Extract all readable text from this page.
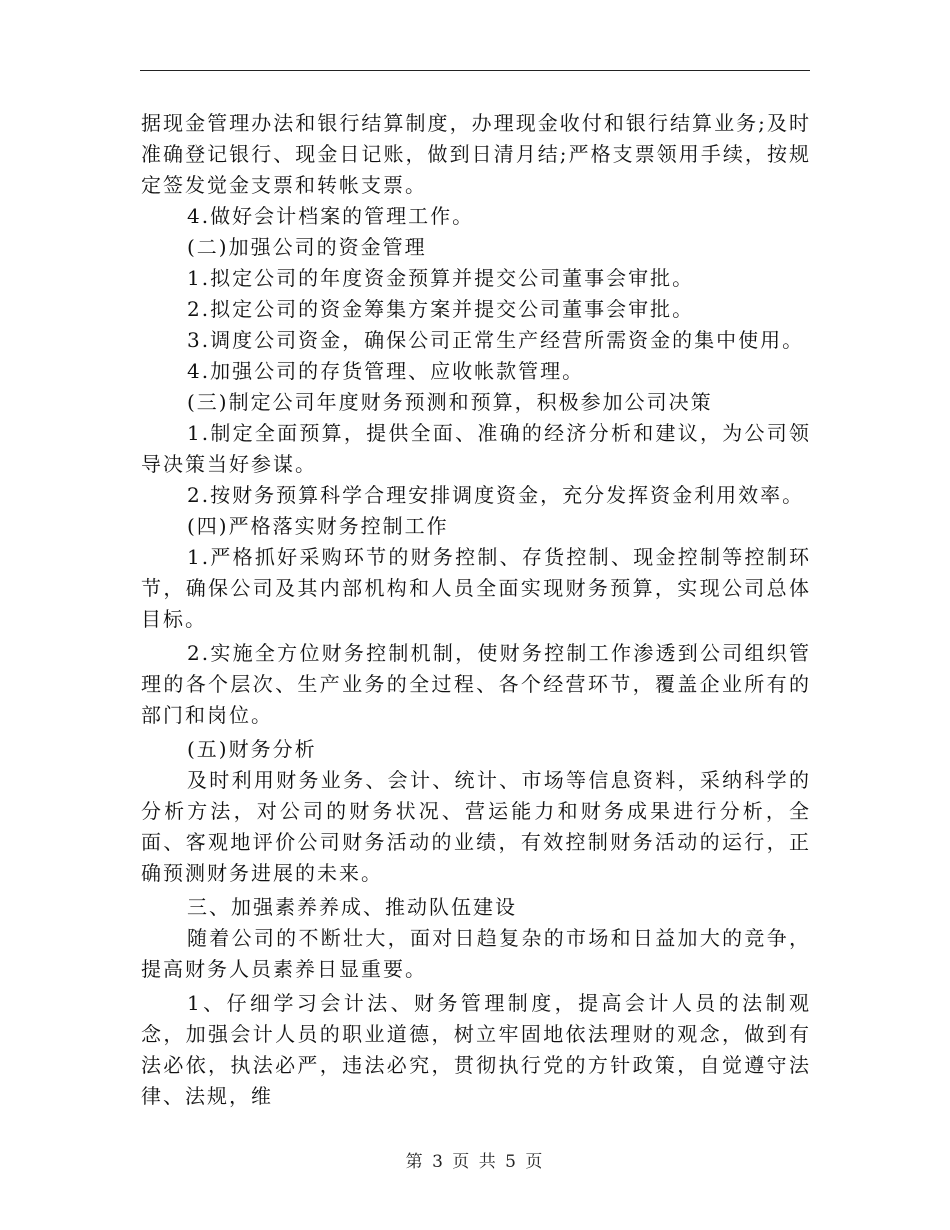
据现金管理办法和银行结算制度，办理现金收付和银行结算业务;及时准确登记银行、现金日记账，做到日清月结;严格支票领用手续，按规定签发觉金支票和转帐支票。

4.做好会计档案的管理工作。

(二)加强公司的资金管理

1.拟定公司的年度资金预算并提交公司董事会审批。

2.拟定公司的资金筹集方案并提交公司董事会审批。

3.调度公司资金，确保公司正常生产经营所需资金的集中使用。

4.加强公司的存货管理、应收帐款管理。

(三)制定公司年度财务预测和预算，积极参加公司决策

1.制定全面预算，提供全面、准确的经济分析和建议，为公司领导决策当好参谋。

2.按财务预算科学合理安排调度资金，充分发挥资金利用效率。

(四)严格落实财务控制工作

1.严格抓好采购环节的财务控制、存货控制、现金控制等控制环节，确保公司及其内部机构和人员全面实现财务预算，实现公司总体目标。

2.实施全方位财务控制机制，使财务控制工作渗透到公司组织管理的各个层次、生产业务的全过程、各个经营环节，覆盖企业所有的部门和岗位。

(五)财务分析

及时利用财务业务、会计、统计、市场等信息资料，采纳科学的分析方法，对公司的财务状况、营运能力和财务成果进行分析，全面、客观地评价公司财务活动的业绩，有效控制财务活动的运行，正确预测财务进展的未来。

三、加强素养养成、推动队伍建设

随着公司的不断壮大，面对日趋复杂的市场和日益加大的竞争，提高财务人员素养日显重要。

1、仔细学习会计法、财务管理制度，提高会计人员的法制观念，加强会计人员的职业道德，树立牢固地依法理财的观念，做到有法必依，执法必严，违法必究，贯彻执行党的方针政策，自觉遵守法律、法规，维

第 3 页 共 5 页
